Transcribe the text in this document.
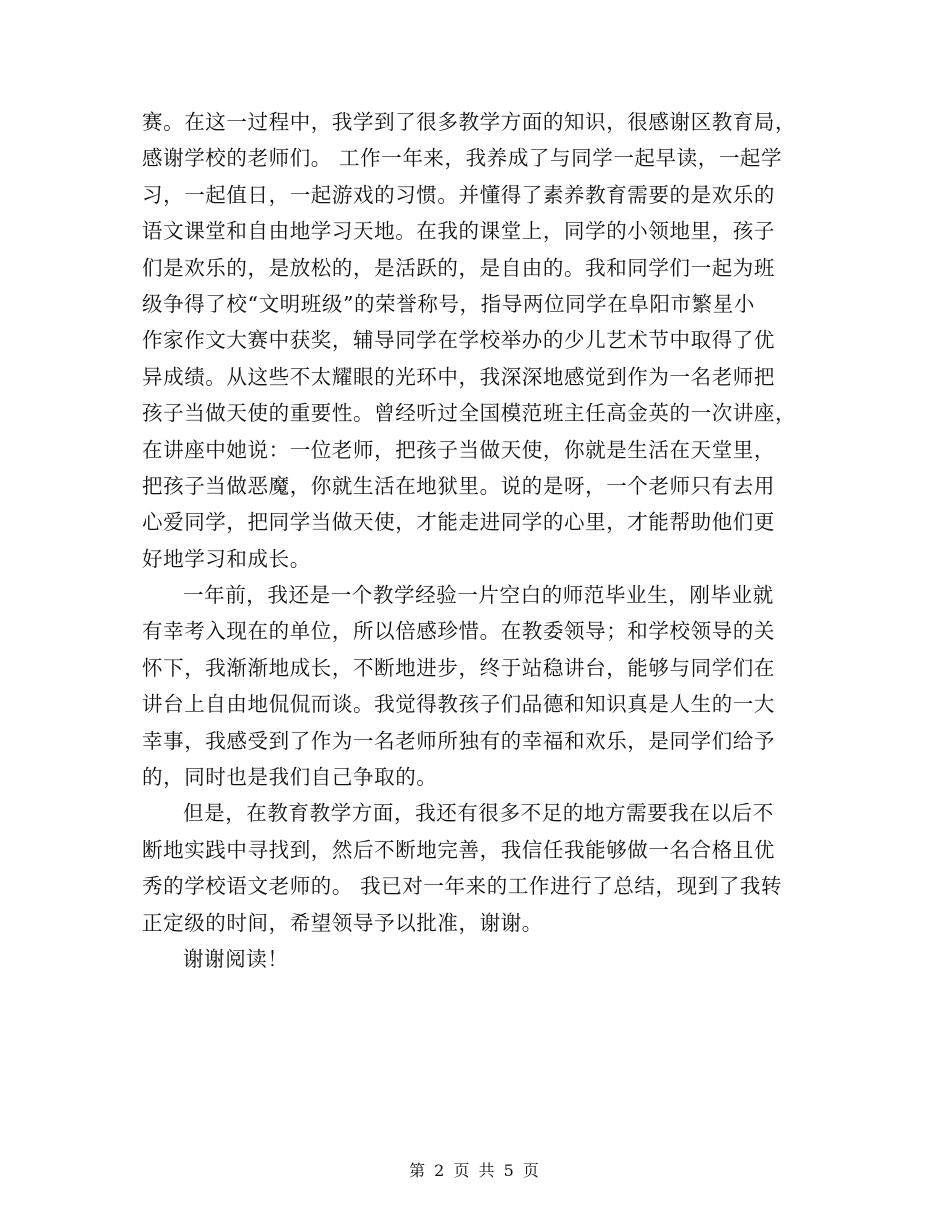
赛。在这一过程中，我学到了很多教学方面的知识，很感谢区教育局，
感谢学校的老师们。 工作一年来，我养成了与同学一起早读，一起学
习，一起值日，一起游戏的习惯。并懂得了素养教育需要的是欢乐的
语文课堂和自由地学习天地。在我的课堂上，同学的小领地里，孩子
们是欢乐的，是放松的，是活跃的，是自由的。我和同学们一起为班
级争得了校“文明班级”的荣誉称号，指导两位同学在阜阳市繁星小
作家作文大赛中获奖，辅导同学在学校举办的少儿艺术节中取得了优
异成绩。从这些不太耀眼的光环中，我深深地感觉到作为一名老师把
孩子当做天使的重要性。曾经听过全国模范班主任高金英的一次讲座，
在讲座中她说：一位老师，把孩子当做天使，你就是生活在天堂里，
把孩子当做恶魔，你就生活在地狱里。说的是呀，一个老师只有去用
心爱同学，把同学当做天使，才能走进同学的心里，才能帮助他们更
好地学习和成长。
一年前，我还是一个教学经验一片空白的师范毕业生，刚毕业就
有幸考入现在的单位，所以倍感珍惜。在教委领导；和学校领导的关
怀下，我渐渐地成长，不断地进步，终于站稳讲台，能够与同学们在
讲台上自由地侃侃而谈。我觉得教孩子们品德和知识真是人生的一大
幸事，我感受到了作为一名老师所独有的幸福和欢乐，是同学们给予
的，同时也是我们自己争取的。
但是，在教育教学方面，我还有很多不足的地方需要我在以后不
断地实践中寻找到，然后不断地完善，我信任我能够做一名合格且优
秀的学校语文老师的。 我已对一年来的工作进行了总结，现到了我转
正定级的时间，希望领导予以批准，谢谢。
谢谢阅读！
第 2 页 共 5 页
